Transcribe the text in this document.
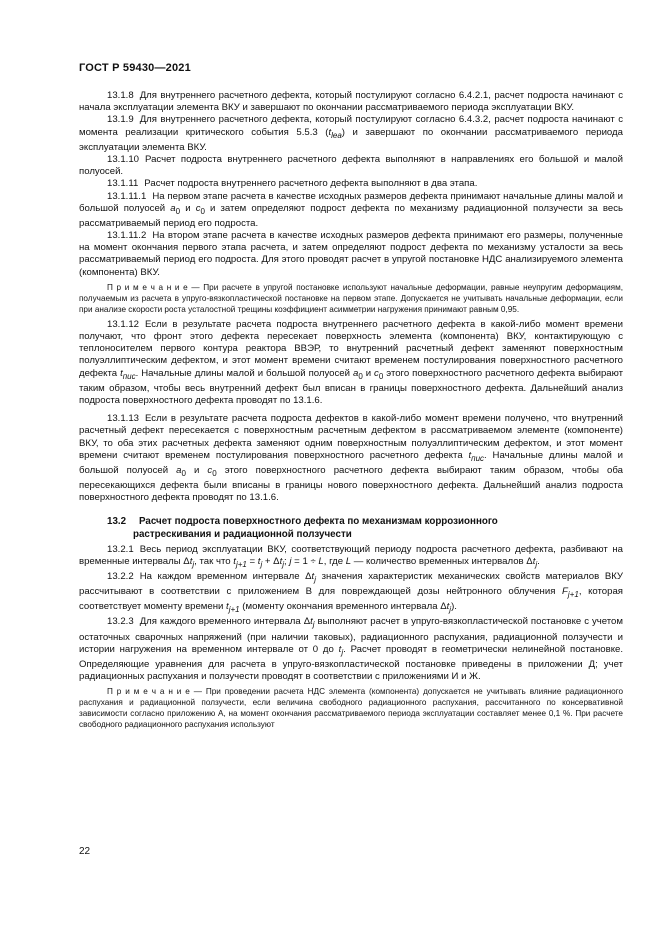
ГОСТ Р 59430—2021

13.1.8 Для внутреннего расчетного дефекта, который постулируют согласно 6.4.2.1, расчет подроста начинают с начала эксплуатации элемента ВКУ и завершают по окончании рассматриваемого периода эксплуатации ВКУ.

13.1.9 Для внутреннего расчетного дефекта, который постулируют согласно 6.4.3.2, расчет подроста начинают с момента реализации критического события 5.5.3 $(t_{lea})$ и завершают по окончании рассматриваемого периода эксплуатации элемента ВКУ.

13.1.10 Расчет подроста внутреннего расчетного дефекта выполняют в направлениях его большой и малой полуосей.

13.1.11 Расчет подроста внутреннего расчетного дефекта выполняют в два этапа.

13.1.11.1 На первом этапе расчета в качестве исходных размеров дефекта принимают начальные длины малой и большой полуосей $a_0$ и $c_0$ и затем определяют подрост дефекта по механизму радиационной ползучести за весь рассматриваемый период его подроста.

13.1.11.2 На втором этапе расчета в качестве исходных размеров дефекта принимают его размеры, полученные на момент окончания первого этапа расчета, и затем определяют подрост дефекта по механизму усталости за весь рассматриваемый период его подроста. Для этого проводят расчет в упругой постановке НДС анализируемого элемента (компонента) ВКУ.

П р и м е ч а н и е — При расчете в упругой постановке используют начальные деформации, равные неупругим деформациям, получаемым из расчета в упруго-вязкопластической постановке на первом этапе. Допускается не учитывать начальные деформации, если при анализе скорости роста усталостной трещины коэффициент асимметрии нагружения принимают равным 0,95.

13.1.12 Если в результате расчета подроста внутреннего расчетного дефекта в какой-либо момент времени получают, что фронт этого дефекта пересекает поверхность элемента (компонента) ВКУ, контактирующую с теплоносителем первого контура реактора ВВЭР, то внутренний расчетный дефект заменяют поверхностным полуэллиптическим дефектом, и этот момент времени считают временем постулирования поверхностного расчетного дефекта $t_{пис}$. Начальные длины малой и большой полуосей $a_0$ и $c_0$ этого поверхностного расчетного дефекта выбирают таким образом, чтобы весь внутренний дефект был вписан в границы поверхностного дефекта. Дальнейший анализ подроста поверхностного дефекта проводят по 13.1.6.

13.1.13 Если в результате расчета подроста дефектов в какой-либо момент времени получено, что внутренний расчетный дефект пересекается с поверхностным расчетным дефектом в рассматриваемом элементе (компоненте) ВКУ, то оба этих расчетных дефекта заменяют одним поверхностным полуэллиптическим дефектом, и этот момент времени считают временем постулирования поверхностного расчетного дефекта $t_{пис}$. Начальные длины малой и большой полуосей $a_0$ и $c_0$ этого поверхностного расчетного дефекта выбирают таким образом, чтобы оба пересекающихся дефекта были вписаны в границы нового поверхностного дефекта. Дальнейший анализ подроста поверхностного дефекта проводят по 13.1.6.

13.2 Расчет подроста поверхностного дефекта по механизмам коррозионного
растрескивания и радиационной ползучести

13.2.1 Весь период эксплуатации ВКУ, соответствующий периоду подроста расчетного дефекта, разбивают на временные интервалы $\Delta t_j$, так что $t_{j+1} = t_j + \Delta t_j$; j = 1 ÷ L, где L — количество временных интервалов $\Delta t_j$.

13.2.2 На каждом временном интервале $\Delta t_j$ значения характеристик механических свойств материалов ВКУ рассчитывают в соответствии с приложением В для повреждающей дозы нейтронного облучения $F_{j+1}$, которая соответствует моменту времени $t_{j+1}$ (моменту окончания временного интервала $\Delta t_j$).

13.2.3 Для каждого временного интервала $\Delta t_j$ выполняют расчет в упруго-вязкопластической постановке с учетом остаточных сварочных напряжений (при наличии таковых), радиационного распухания, радиационной ползучести и истории нагружения на временном интервале от 0 до $t_j$. Расчет проводят в геометрически нелинейной постановке. Определяющие уравнения для расчета в упруго-вязкопластической постановке приведены в приложении Д; учет радиационных распухания и ползучести проводят в соответствии с приложениями И и Ж.

П р и м е ч а н и е — При проведении расчета НДС элемента (компонента) допускается не учитывать влияние радиационного распухания и радиационной ползучести, если величина свободного радиационного распухания, рассчитанного по консервативной зависимости согласно приложению А, на момент окончания рассматриваемого периода эксплуатации составляет менее 0,1 %. При расчете свободного радиационного распухания используют

22
